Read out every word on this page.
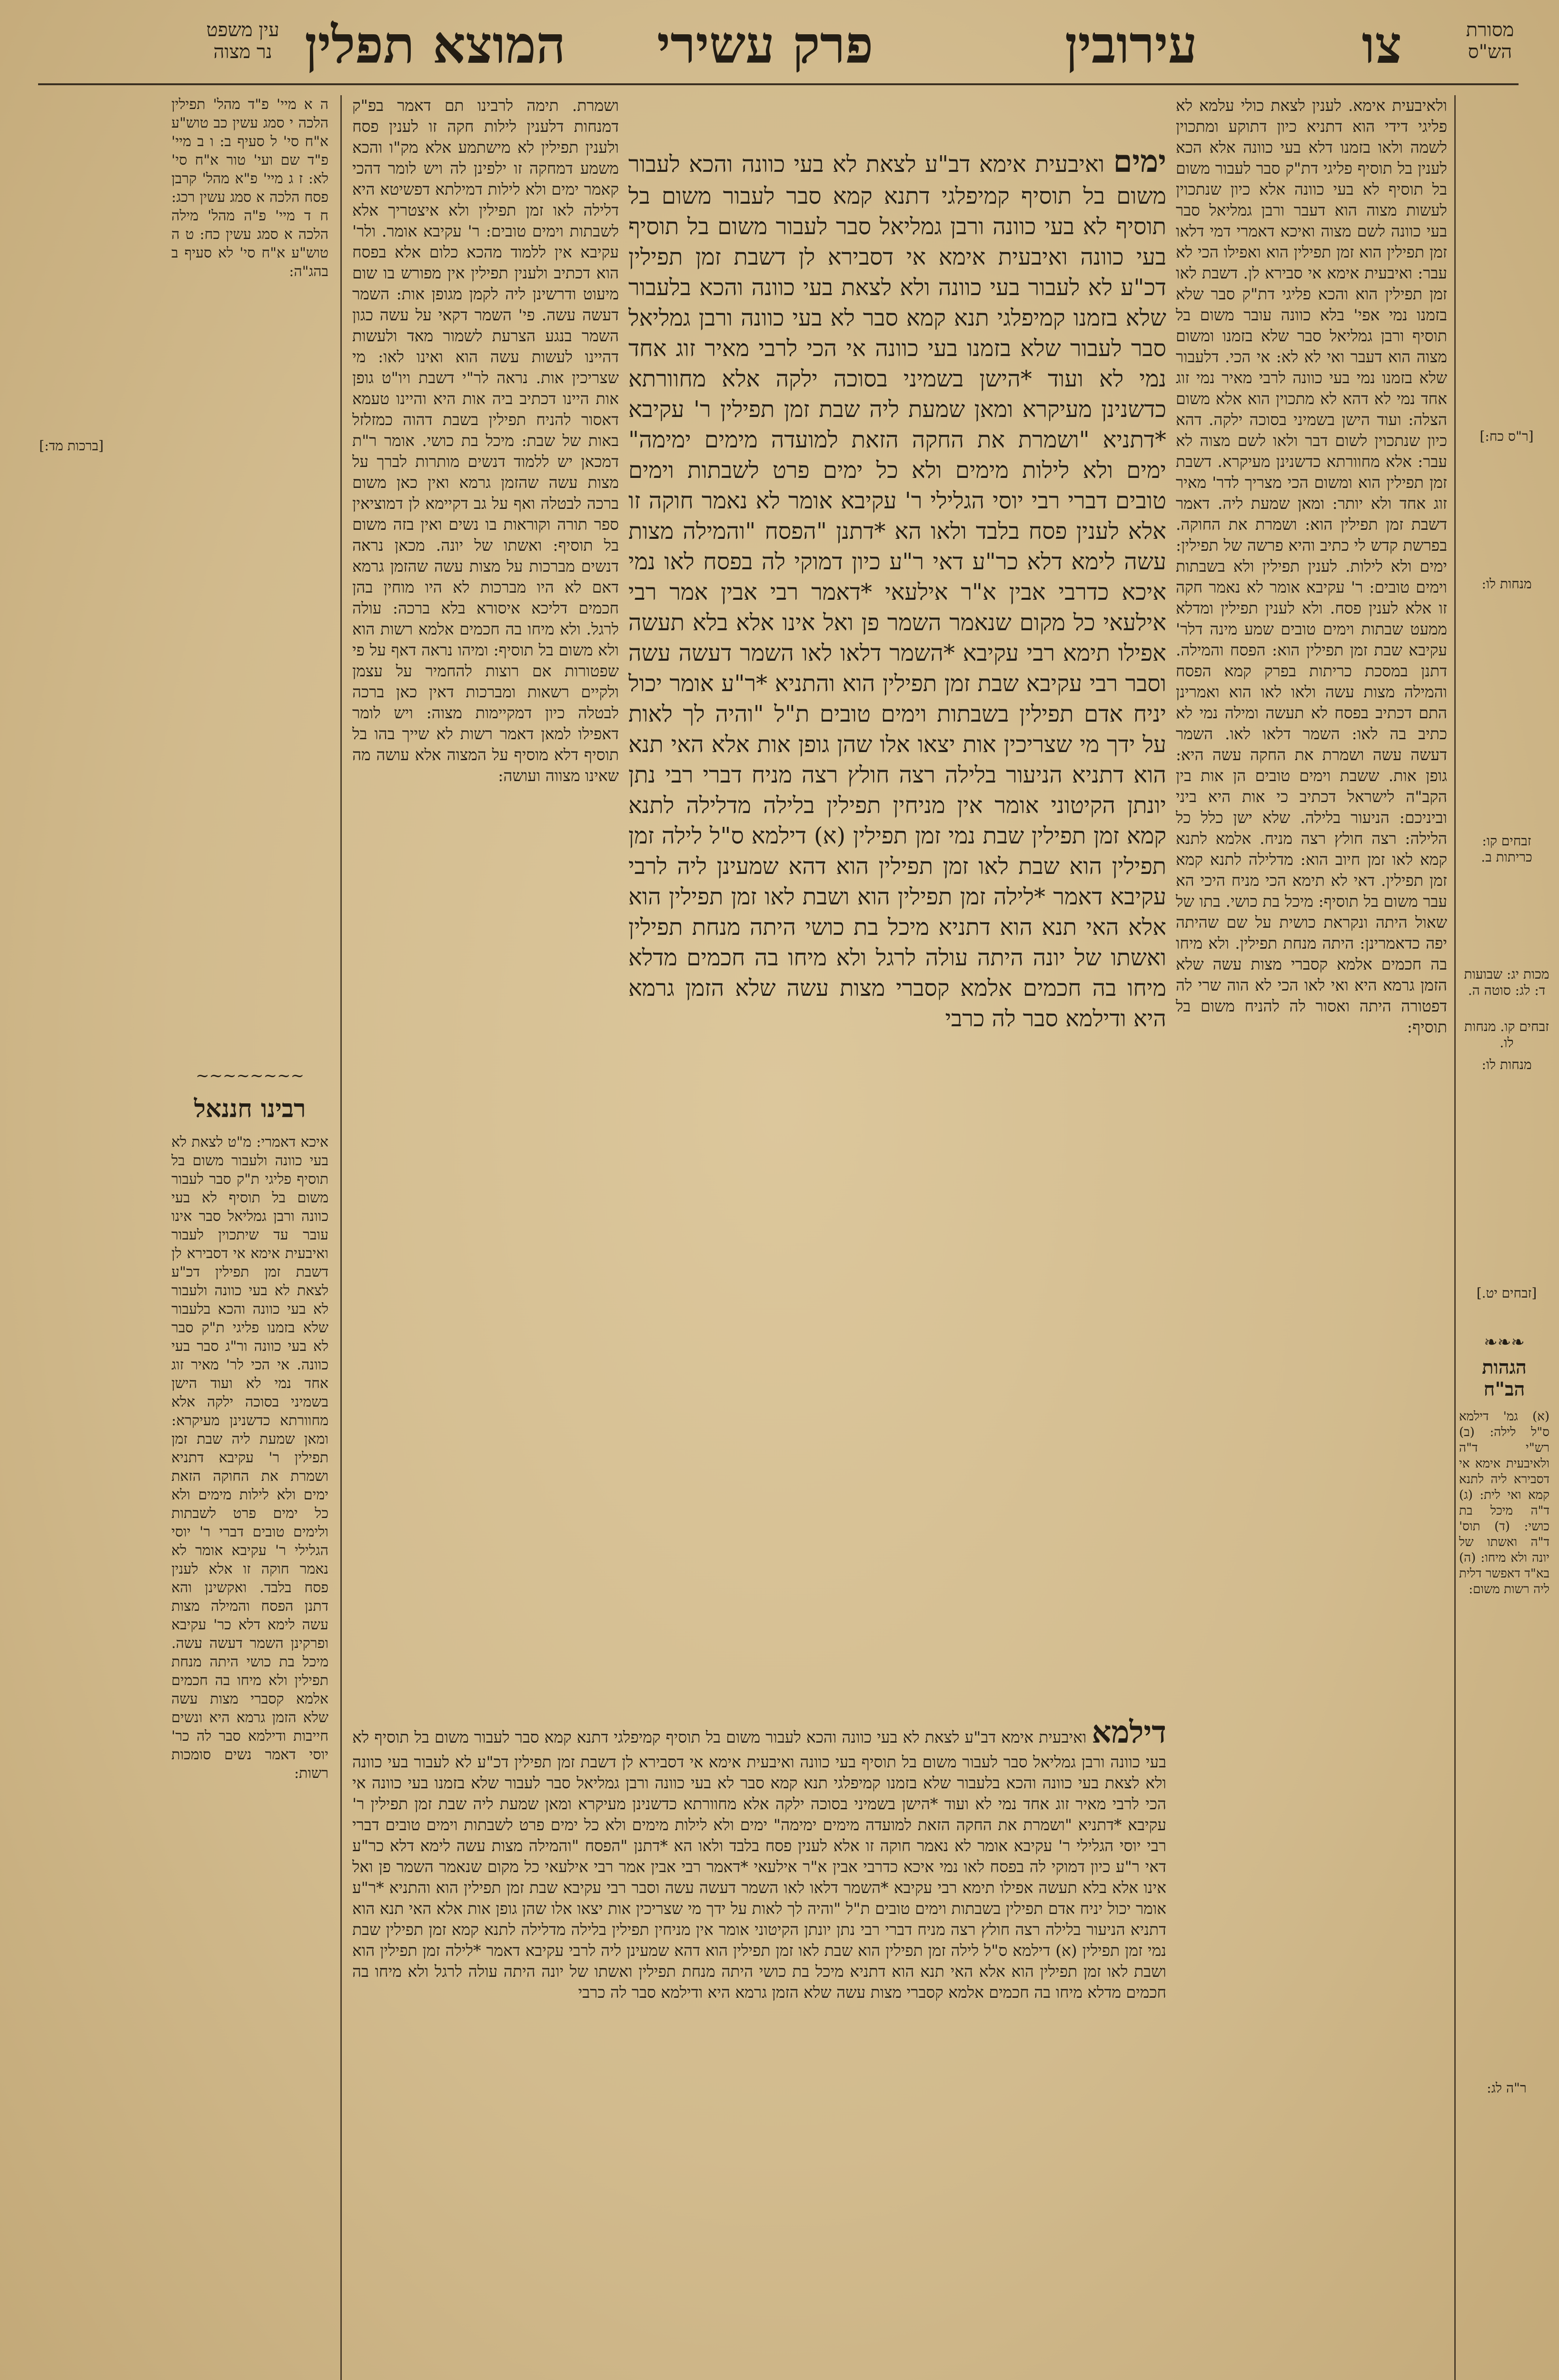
מסורת
הש"ס
צו
עירובין
פרק עשירי
המוצא תפלין
עין משפט
נר מצוה

ה א מיי' פ"ד מהל' תפילין הלכה י סמג עשין כב טוש"ע א"ח סי' ל סעיף ב: ו ב מיי' פ"ד שם ועי' טור א"ח סי' לא: ז ג מיי' פ"א מהל' קרבן פסח הלכה א סמג עשין רכג: ח ד מיי' פ"ה מהל' מילה הלכה א סמג עשין כח: ט ה טוש"ע א"ח סי' לא סעיף ב בהג"ה:

רבינו חננאל
~~~~~~~~

איכא דאמרי: מ"ט לצאת לא בעי כוונה ולעבור משום בל תוסיף פליגי ת"ק סבר לעבור משום בל תוסיף לא בעי כוונה ורבן גמליאל סבר אינו עובר עד שיתכוין לעבור ואיבעית אימא אי דסבירא לן דשבת זמן תפילין דכ"ע לצאת לא בעי כוונה ולעבור לא בעי כוונה והכא בלעבור שלא בזמנו פליגי ת"ק סבר לא בעי כוונה ור"ג סבר בעי כוונה. אי הכי לר' מאיר זוג אחד נמי לא ועוד הישן בשמיני בסוכה ילקה אלא מחוורתא כדשנינן מעיקרא: ומאן שמעת ליה שבת זמן תפילין ר' עקיבא דתניא ושמרת את החוקה הזאת ימים ולא לילות מימים ולא כל ימים פרט לשבתות ולימים טובים דברי ר' יוסי הגלילי ר' עקיבא אומר לא נאמר חוקה זו אלא לענין פסח בלבד. ואקשינן והא דתנן הפסח והמילה מצות עשה לימא דלא כר' עקיבא ופרקינן השמר דעשה עשה. מיכל בת כושי היתה מנחת תפילין ולא מיחו בה חכמים אלמא קסברי מצות עשה שלא הזמן גרמא היא ונשים חייבות ודילמא סבר לה כר' יוסי דאמר נשים סומכות רשות:

ושמרת. תימה לרבינו תם דאמר בפ"ק דמנחות דלענין לילות חקה זו לענין פסח ולענין תפילין לא מישתמע אלא מק"ו והכא משמע דמחקה זו ילפינן לה ויש לומר דהכי קאמר ימים ולא לילות דמילתא דפשיטא היא דלילה לאו זמן תפילין ולא איצטריך אלא לשבתות וימים טובים: ר' עקיבא אומר. ולר' עקיבא אין ללמוד מהכא כלום אלא בפסח הוא דכתיב ולענין תפילין אין מפורש בו שום מיעוט ודרשינן ליה לקמן מגופן אות: השמר דעשה עשה. פי' השמר דקאי על עשה כגון השמר בנגע הצרעת לשמור מאד ולעשות דהיינו לעשות עשה הוא ואינו לאו: מי שצריכין אות. נראה לר"י דשבת ויו"ט גופן אות היינו דכתיב ביה אות היא והיינו טעמא דאסור להניח תפילין בשבת דהוה כמזלזל באות של שבת: מיכל בת כושי. אומר ר"ת דמכאן יש ללמוד דנשים מותרות לברך על מצות עשה שהזמן גרמא ואין כאן משום ברכה לבטלה ואף על גב דקיימא לן דמוציאין ספר תורה וקוראות בו נשים ואין בזה משום בל תוסיף: ואשתו של יונה. מכאן נראה דנשים מברכות על מצות עשה שהזמן גרמא דאם לא היו מברכות לא היו מוחין בהן חכמים דליכא איסורא בלא ברכה: עולה לרגל. ולא מיחו בה חכמים אלמא רשות הוא ולא משום בל תוסיף: ומיהו נראה דאף על פי שפטורות אם רוצות להחמיר על עצמן ולקיים רשאות ומברכות דאין כאן ברכה לבטלה כיון דמקיימות מצוה: ויש לומר דאפילו למאן דאמר רשות לא שייך בהו בל תוסיף דלא מוסיף על המצוה אלא עושה מה שאינו מצווה ועושה:

ימים ואיבעית אימא דב"ע לצאת לא בעי כוונה והכא לעבור משום בל תוסיף קמיפלגי דתנא קמא סבר לעבור משום בל תוסיף לא בעי כוונה ורבן גמליאל סבר לעבור משום בל תוסיף בעי כוונה ואיבעית אימא אי דסבירא לן דשבת זמן תפילין דכ"ע לא לעבור בעי כוונה ולא לצאת בעי כוונה והכא בלעבור שלא בזמנו קמיפלגי תנא קמא סבר לא בעי כוונה ורבן גמליאל סבר לעבור שלא בזמנו בעי כוונה אי הכי לרבי מאיר זוג אחד נמי לא ועוד *הישן בשמיני בסוכה ילקה אלא מחוורתא כדשנינן מעיקרא ומאן שמעת ליה שבת זמן תפילין ר' עקיבא *דתניא "ושמרת את החקה הזאת למועדה מימים ימימה" ימים ולא לילות מימים ולא כל ימים פרט לשבתות וימים טובים דברי רבי יוסי הגלילי ר' עקיבא אומר לא נאמר חוקה זו אלא לענין פסח בלבד ולאו הא *דתנן "הפסח "והמילה מצות עשה לימא דלא כר"ע דאי ר"ע כיון דמוקי לה בפסח לאו נמי איכא כדרבי אבין א"ר אילעאי *דאמר רבי אבין אמר רבי אילעאי כל מקום שנאמר השמר פן ואל אינו אלא בלא תעשה אפילו תימא רבי עקיבא *השמר דלאו לאו השמר דעשה עשה וסבר רבי עקיבא שבת זמן תפילין הוא והתניא *ר"ע אומר יכול יניח אדם תפילין בשבתות וימים טובים ת"ל "והיה לך לאות על ידך מי שצריכין אות יצאו אלו שהן גופן אות אלא האי תנא הוא דתניא הניעור בלילה רצה חולץ רצה מניח דברי רבי נתן יונתן הקיטוני אומר אין מניחין תפילין בלילה מדלילה לתנא קמא זמן תפילין שבת נמי זמן תפילין (א) דילמא ס"ל לילה זמן תפילין הוא שבת לאו זמן תפילין הוא דהא שמעינן ליה לרבי עקיבא דאמר *לילה זמן תפילין הוא ושבת לאו זמן תפילין הוא אלא האי תנא הוא דתניא מיכל בת כושי היתה מנחת תפילין ואשתו של יונה היתה עולה לרגל ולא מיחו בה חכמים מדלא מיחו בה חכמים אלמא קסברי מצות עשה שלא הזמן גרמא היא ודילמא סבר לה כרבי

ולאיבעית אימא. לענין לצאת כולי עלמא לא פליגי דידי הוא דתניא כיון דתוקע ומתכוין לשמה ולאו בזמנו דלא בעי כוונה אלא הכא לענין בל תוסיף פליגי דת"ק סבר לעבור משום בל תוסיף לא בעי כוונה אלא כיון שנתכוין לעשות מצוה הוא דעבר ורבן גמליאל סבר בעי כוונה לשם מצוה ואיכא דאמרי דמי דלאו זמן תפילין הוא זמן תפילין הוא ואפילו הכי לא עבר: ואיבעית אימא אי סבירא לן. דשבת לאו זמן תפילין הוא והכא פליגי דת"ק סבר שלא בזמנו נמי אפי' בלא כוונה עובר משום בל תוסיף ורבן גמליאל סבר שלא בזמנו ומשום מצוה הוא דעבר ואי לא לא: אי הכי. דלעבור שלא בזמנו נמי בעי כוונה לרבי מאיר נמי זוג אחד נמי לא דהא לא מתכוין הוא אלא משום הצלה: ועוד הישן בשמיני בסוכה ילקה. דהא כיון שנתכוין לשום דבר ולאו לשם מצוה לא עבר: אלא מחוורתא כדשנינן מעיקרא. דשבת זמן תפילין הוא ומשום הכי מצריך לדר' מאיר זוג אחד ולא יותר: ומאן שמעת ליה. דאמר דשבת זמן תפילין הוא: ושמרת את החוקה. בפרשת קדש לי כתיב והיא פרשה של תפילין: ימים ולא לילות. לענין תפילין ולא בשבתות וימים טובים: ר' עקיבא אומר לא נאמר חקה זו אלא לענין פסח. ולא לענין תפילין ומדלא ממעט שבתות וימים טובים שמע מינה דלר' עקיבא שבת זמן תפילין הוא: הפסח והמילה. דתנן במסכת כריתות בפרק קמא הפסח והמילה מצות עשה ולאו לאו הוא ואמרינן התם דכתיב בפסח לא תעשה ומילה נמי לא כתיב בה לאו: השמר דלאו לאו. השמר דעשה עשה ושמרת את החקה עשה היא: גופן אות. ששבת וימים טובים הן אות בין הקב"ה לישראל דכתיב כי אות היא ביני וביניכם: הניעור בלילה. שלא ישן כלל כל הלילה: רצה חולץ רצה מניח. אלמא לתנא קמא לאו זמן חיוב הוא: מדלילה לתנא קמא זמן תפילין. דאי לא תימא הכי מניח היכי הא עבר משום בל תוסיף: מיכל בת כושי. בתו של שאול היתה ונקראת כושית על שם שהיתה יפה כדאמרינן: היתה מנחת תפילין. ולא מיחו בה חכמים אלמא קסברי מצות עשה שלא הזמן גרמא היא ואי לאו הכי לא הוה שרי לה דפטורה היתה ואסור לה להניח משום בל תוסיף:

דילמא ואיבעית אימא דב"ע לצאת לא בעי כוונה והכא לעבור משום בל תוסיף קמיפלגי דתנא קמא סבר לעבור משום בל תוסיף לא בעי כוונה ורבן גמליאל סבר לעבור משום בל תוסיף בעי כוונה ואיבעית אימא אי דסבירא לן דשבת זמן תפילין דכ"ע לא לעבור בעי כוונה ולא לצאת בעי כוונה והכא בלעבור שלא בזמנו קמיפלגי תנא קמא סבר לא בעי כוונה ורבן גמליאל סבר לעבור שלא בזמנו בעי כוונה אי הכי לרבי מאיר זוג אחד נמי לא ועוד *הישן בשמיני בסוכה ילקה אלא מחוורתא כדשנינן מעיקרא ומאן שמעת ליה שבת זמן תפילין ר' עקיבא *דתניא "ושמרת את החקה הזאת למועדה מימים ימימה" ימים ולא לילות מימים ולא כל ימים פרט לשבתות וימים טובים דברי רבי יוסי הגלילי ר' עקיבא אומר לא נאמר חוקה זו אלא לענין פסח בלבד ולאו הא *דתנן "הפסח "והמילה מצות עשה לימא דלא כר"ע דאי ר"ע כיון דמוקי לה בפסח לאו נמי איכא כדרבי אבין א"ר אילעאי *דאמר רבי אבין אמר רבי אילעאי כל מקום שנאמר השמר פן ואל אינו אלא בלא תעשה אפילו תימא רבי עקיבא *השמר דלאו לאו השמר דעשה עשה וסבר רבי עקיבא שבת זמן תפילין הוא והתניא *ר"ע אומר יכול יניח אדם תפילין בשבתות וימים טובים ת"ל "והיה לך לאות על ידך מי שצריכין אות יצאו אלו שהן גופן אות אלא האי תנא הוא דתניא הניעור בלילה רצה חולץ רצה מניח דברי רבי נתן יונתן הקיטוני אומר אין מניחין תפילין בלילה מדלילה לתנא קמא זמן תפילין שבת נמי זמן תפילין (א) דילמא ס"ל לילה זמן תפילין הוא שבת לאו זמן תפילין הוא דהא שמעינן ליה לרבי עקיבא דאמר *לילה זמן תפילין הוא ושבת לאו זמן תפילין הוא אלא האי תנא הוא דתניא מיכל בת כושי היתה מנחת תפילין ואשתו של יונה היתה עולה לרגל ולא מיחו בה חכמים מדלא מיחו בה חכמים אלמא קסברי מצות עשה שלא הזמן גרמא היא ודילמא סבר לה כרבי

[ר"ס כח:]
מנחות לו:
[ברכות מד:]
זבחים קו: כריתות ב.
מכות יג: שבועות ד: לג: סוטה ה.
זבחים קו. מנחות לו.
מנחות לו:
[זבחים יט.]
ר"ה לג:
❧❧❧
הגהות
הב"ח

(א) גמ' דילמא ס"ל לילה: (ב) רש"י ד"ה ולאיבעית אימא אי דסבירא ליה לתנא קמא ואי לית: (ג) ד"ה מיכל בת כושי: (ד) תוס' ד"ה ואשתו של יונה ולא מיחו: (ה) בא"ד דאפשר דלית ליה רשות משום:
